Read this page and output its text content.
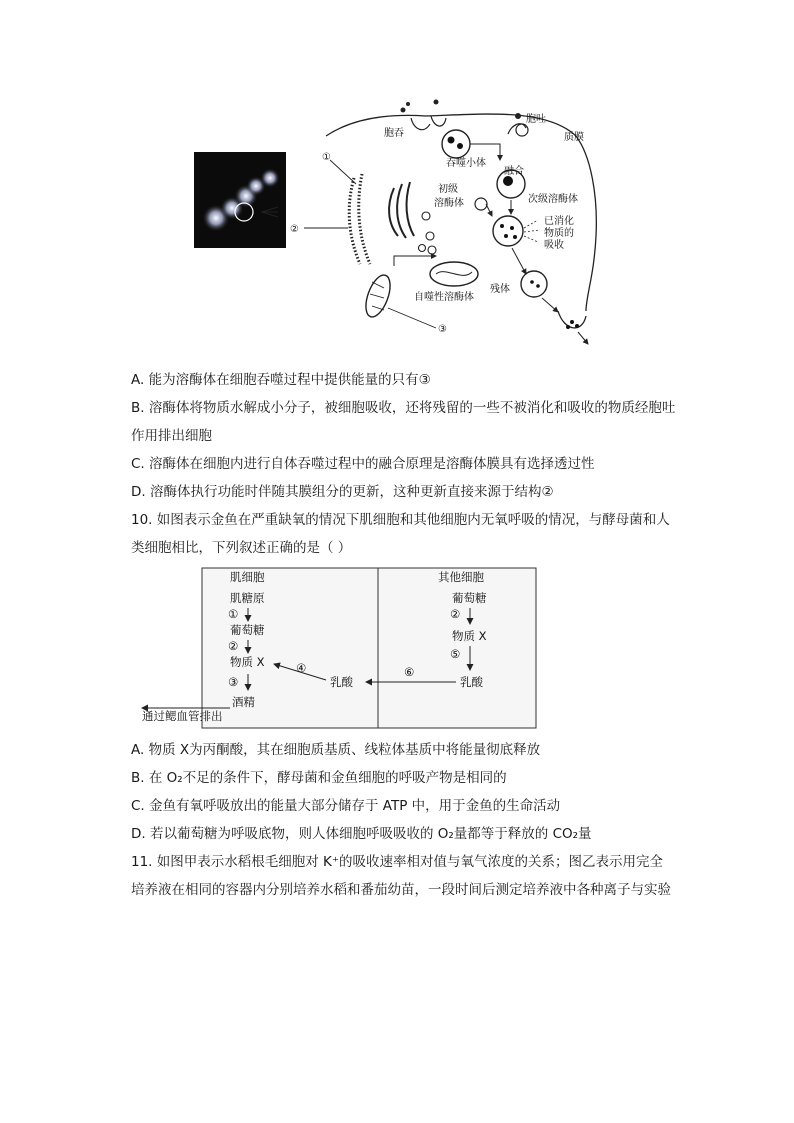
①
②
③
胞吞
胞吐
质膜
吞噬小体
融合
初级
溶酶体	次级溶酶体
已消化
物质的
吸收
残体
自噬性溶酶体
A. 能为溶酶体在细胞吞噬过程中提供能量的只有③
B. 溶酶体将物质水解成小分子，被细胞吸收，还将残留的一些不被消化和吸收的物质经胞吐
作用排出细胞
C. 溶酶体在细胞内进行自体吞噬过程中的融合原理是溶酶体膜具有选择透过性
D. 溶酶体执行功能时伴随其膜组分的更新，这种更新直接来源于结构②
10. 如图表示金鱼在严重缺氧的情况下肌细胞和其他细胞内无氧呼吸的情况，与酵母菌和人
类细胞相比，下列叙述正确的是（ ）
肌细胞	其他细胞
肌糖原
①
葡萄糖
②
物质 X
③
酒精
通过鳃血管排出
乳酸
④
葡萄糖
②
物质 X
⑤
乳酸
⑥
A. 物质 X为丙酮酸，其在细胞质基质、线粒体基质中将能量彻底释放
B. 在 O₂不足的条件下，酵母菌和金鱼细胞的呼吸产物是相同的
C. 金鱼有氧呼吸放出的能量大部分储存于 ATP 中，用于金鱼的生命活动
D. 若以葡萄糖为呼吸底物，则人体细胞呼吸吸收的 O₂量都等于释放的 CO₂量
11. 如图甲表示水稻根毛细胞对 K⁺的吸收速率相对值与氧气浓度的关系；图乙表示用完全
培养液在相同的容器内分别培养水稻和番茄幼苗，一段时间后测定培养液中各种离子与实验
